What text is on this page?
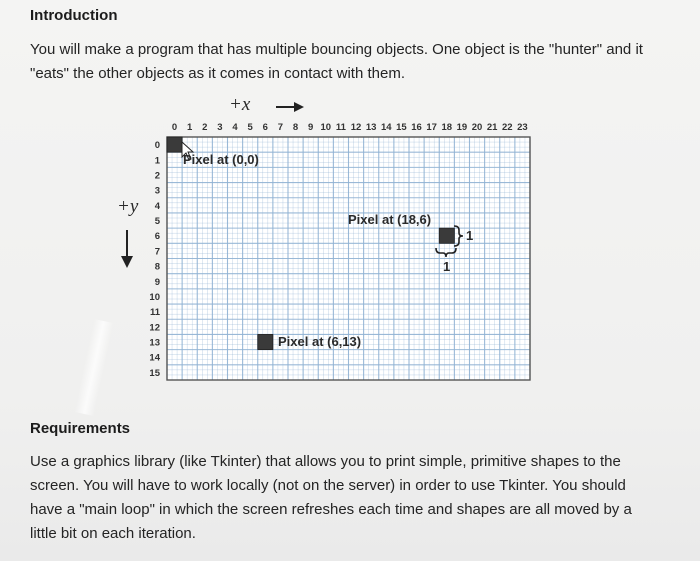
Introduction
You will make a program that has multiple bouncing objects. One object is the "hunter" and it "eats" the other objects as it comes in contact with them.
0
1
2
3
4
5
6
7
8
9
10
11
12
13
14
15
0 1 2 3 4 5 6 7 8 9 10 11 12 13 14 15 16 17 18 19 20 21 22 23
+x
+y
Pixel at (0,0)
Pixel at (18,6)
Pixel at (6,13)
1
1
Requirements
Use a graphics library (like Tkinter) that allows you to print simple, primitive shapes to the screen. You will have to work locally (not on the server) in order to use Tkinter. You should have a "main loop" in which the screen refreshes each time and shapes are all moved by a little bit on each iteration.
